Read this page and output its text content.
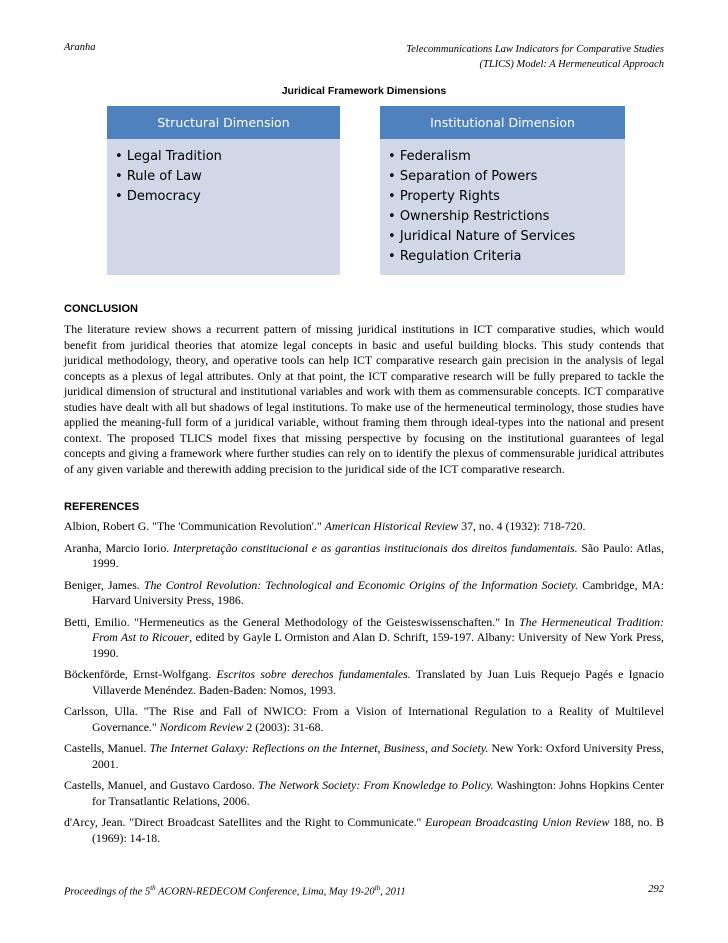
Aranha	Telecommunications Law Indicators for Comparative Studies
(TLICS) Model: A Hermeneutical Approach
Juridical Framework Dimensions
Structural Dimension
• Legal Tradition
• Rule of Law
• Democracy
Institutional Dimension
• Federalism
• Separation of Powers
• Property Rights
• Ownership Restrictions
• Juridical Nature of Services
• Regulation Criteria
CONCLUSION
The literature review shows a recurrent pattern of missing juridical institutions in ICT comparative studies, which would benefit from juridical theories that atomize legal concepts in basic and useful building blocks. This study contends that juridical methodology, theory, and operative tools can help ICT comparative research gain precision in the analysis of legal concepts as a plexus of legal attributes. Only at that point, the ICT comparative research will be fully prepared to tackle the juridical dimension of structural and institutional variables and work with them as commensurable concepts. ICT comparative studies have dealt with all but shadows of legal institutions. To make use of the hermeneutical terminology, those studies have applied the meaning-full form of a juridical variable, without framing them through ideal-types into the national and present context. The proposed TLICS model fixes that missing perspective by focusing on the institutional guarantees of legal concepts and giving a framework where further studies can rely on to identify the plexus of commensurable juridical attributes of any given variable and therewith adding precision to the juridical side of the ICT comparative research.
REFERENCES

Albion, Robert G. "The 'Communication Revolution'." American Historical Review 37, no. 4 (1932): 718-720.

Aranha, Marcio Iorio. Interpretação constitucional e as garantias institucionais dos direitos fundamentais. São Paulo: Atlas, 1999.

Beniger, James. The Control Revolution: Technological and Economic Origins of the Information Society. Cambridge, MA: Harvard University Press, 1986.

Betti, Emilio. "Hermeneutics as the General Methodology of the Geisteswissenschaften." In The Hermeneutical Tradition: From Ast to Ricouer, edited by Gayle L Ormiston and Alan D. Schrift, 159-197. Albany: University of New York Press, 1990.

Böckenförde, Ernst-Wolfgang. Escritos sobre derechos fundamentales. Translated by Juan Luis Requejo Pagés e Ignacio Villaverde Menéndez. Baden-Baden: Nomos, 1993.

Carlsson, Ulla. "The Rise and Fall of NWICO: From a Vision of International Regulation to a Reality of Multilevel Governance." Nordicom Review 2 (2003): 31-68.

Castells, Manuel. The Internet Galaxy: Reflections on the Internet, Business, and Society. New York: Oxford University Press, 2001.

Castells, Manuel, and Gustavo Cardoso. The Network Society: From Knowledge to Policy. Washington: Johns Hopkins Center for Transatlantic Relations, 2006.

d'Arcy, Jean. "Direct Broadcast Satellites and the Right to Communicate." European Broadcasting Union Review 188, no. B (1969): 14-18.

Proceedings of the 5th ACORN-REDECOM Conference, Lima, May 19-20th, 2011	292
